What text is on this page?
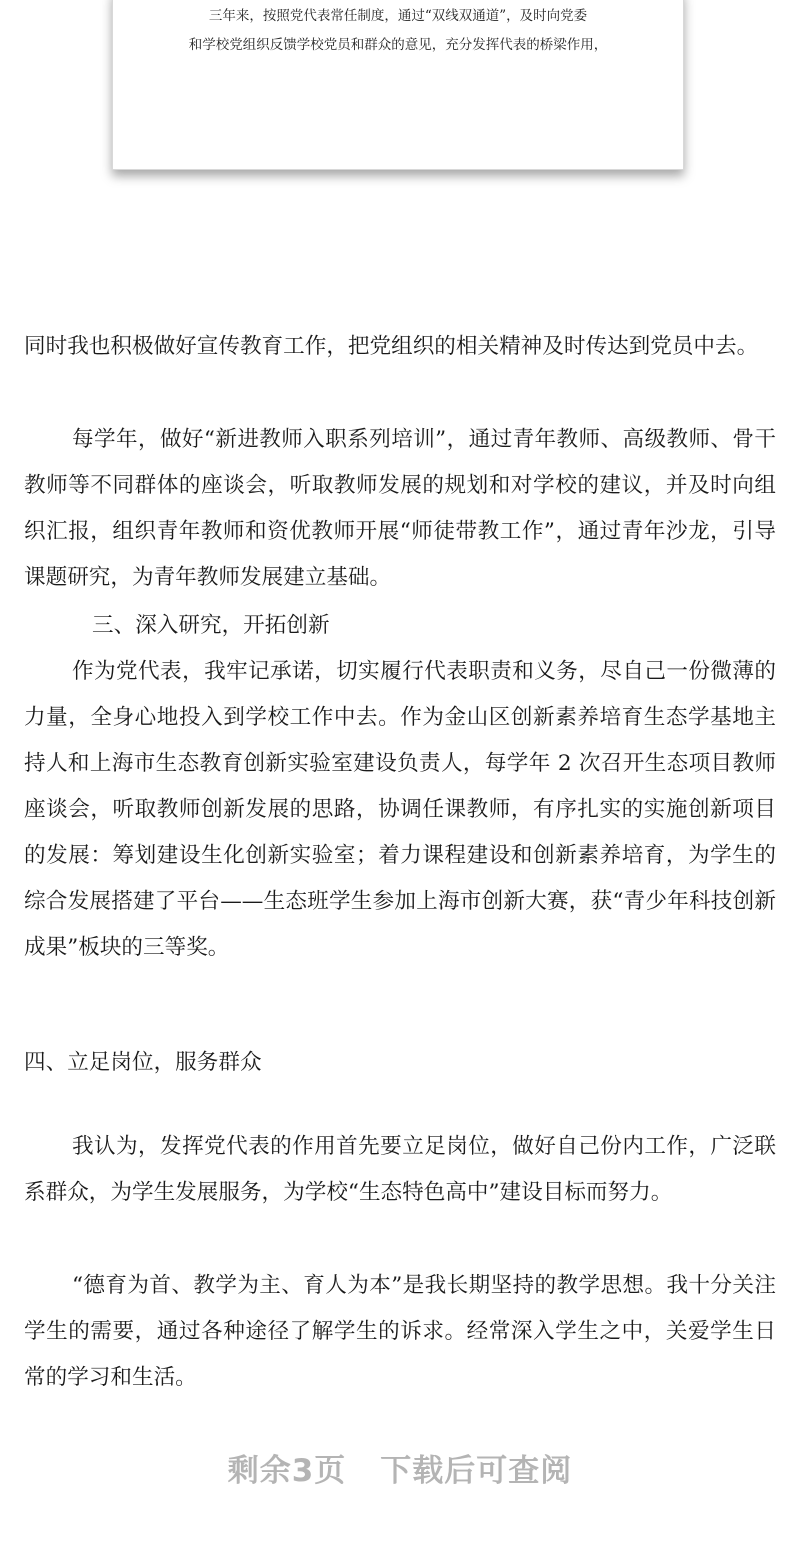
三年来，按照党代表常任制度，通过“双线双通道”，及时向党委
和学校党组织反馈学校党员和群众的意见，充分发挥代表的桥梁作用，

同时我也积极做好宣传教育工作，把党组织的相关精神及时传达到党员中去。

每学年，做好“新进教师入职系列培训”，通过青年教师、高级教师、骨干教师等不同群体的座谈会，听取教师发展的规划和对学校的建议，并及时向组织汇报，组织青年教师和资优教师开展“师徒带教工作”，通过青年沙龙，引导课题研究，为青年教师发展建立基础。

三、深入研究，开拓创新

作为党代表，我牢记承诺，切实履行代表职责和义务，尽自己一份微薄的力量，全身心地投入到学校工作中去。作为金山区创新素养培育生态学基地主持人和上海市生态教育创新实验室建设负责人，每学年 2 次召开生态项目教师座谈会，听取教师创新发展的思路，协调任课教师，有序扎实的实施创新项目的发展：筹划建设生化创新实验室；着力课程建设和创新素养培育，为学生的综合发展搭建了平台——生态班学生参加上海市创新大赛，获“青少年科技创新成果”板块的三等奖。

四、立足岗位，服务群众

我认为，发挥党代表的作用首先要立足岗位，做好自己份内工作，广泛联系群众，为学生发展服务，为学校“生态特色高中”建设目标而努力。

“德育为首、教学为主、育人为本”是我长期坚持的教学思想。我十分关注学生的需要，通过各种途径了解学生的诉求。经常深入学生之中，关爱学生日常的学习和生活。

剩余3页 下载后可查阅
